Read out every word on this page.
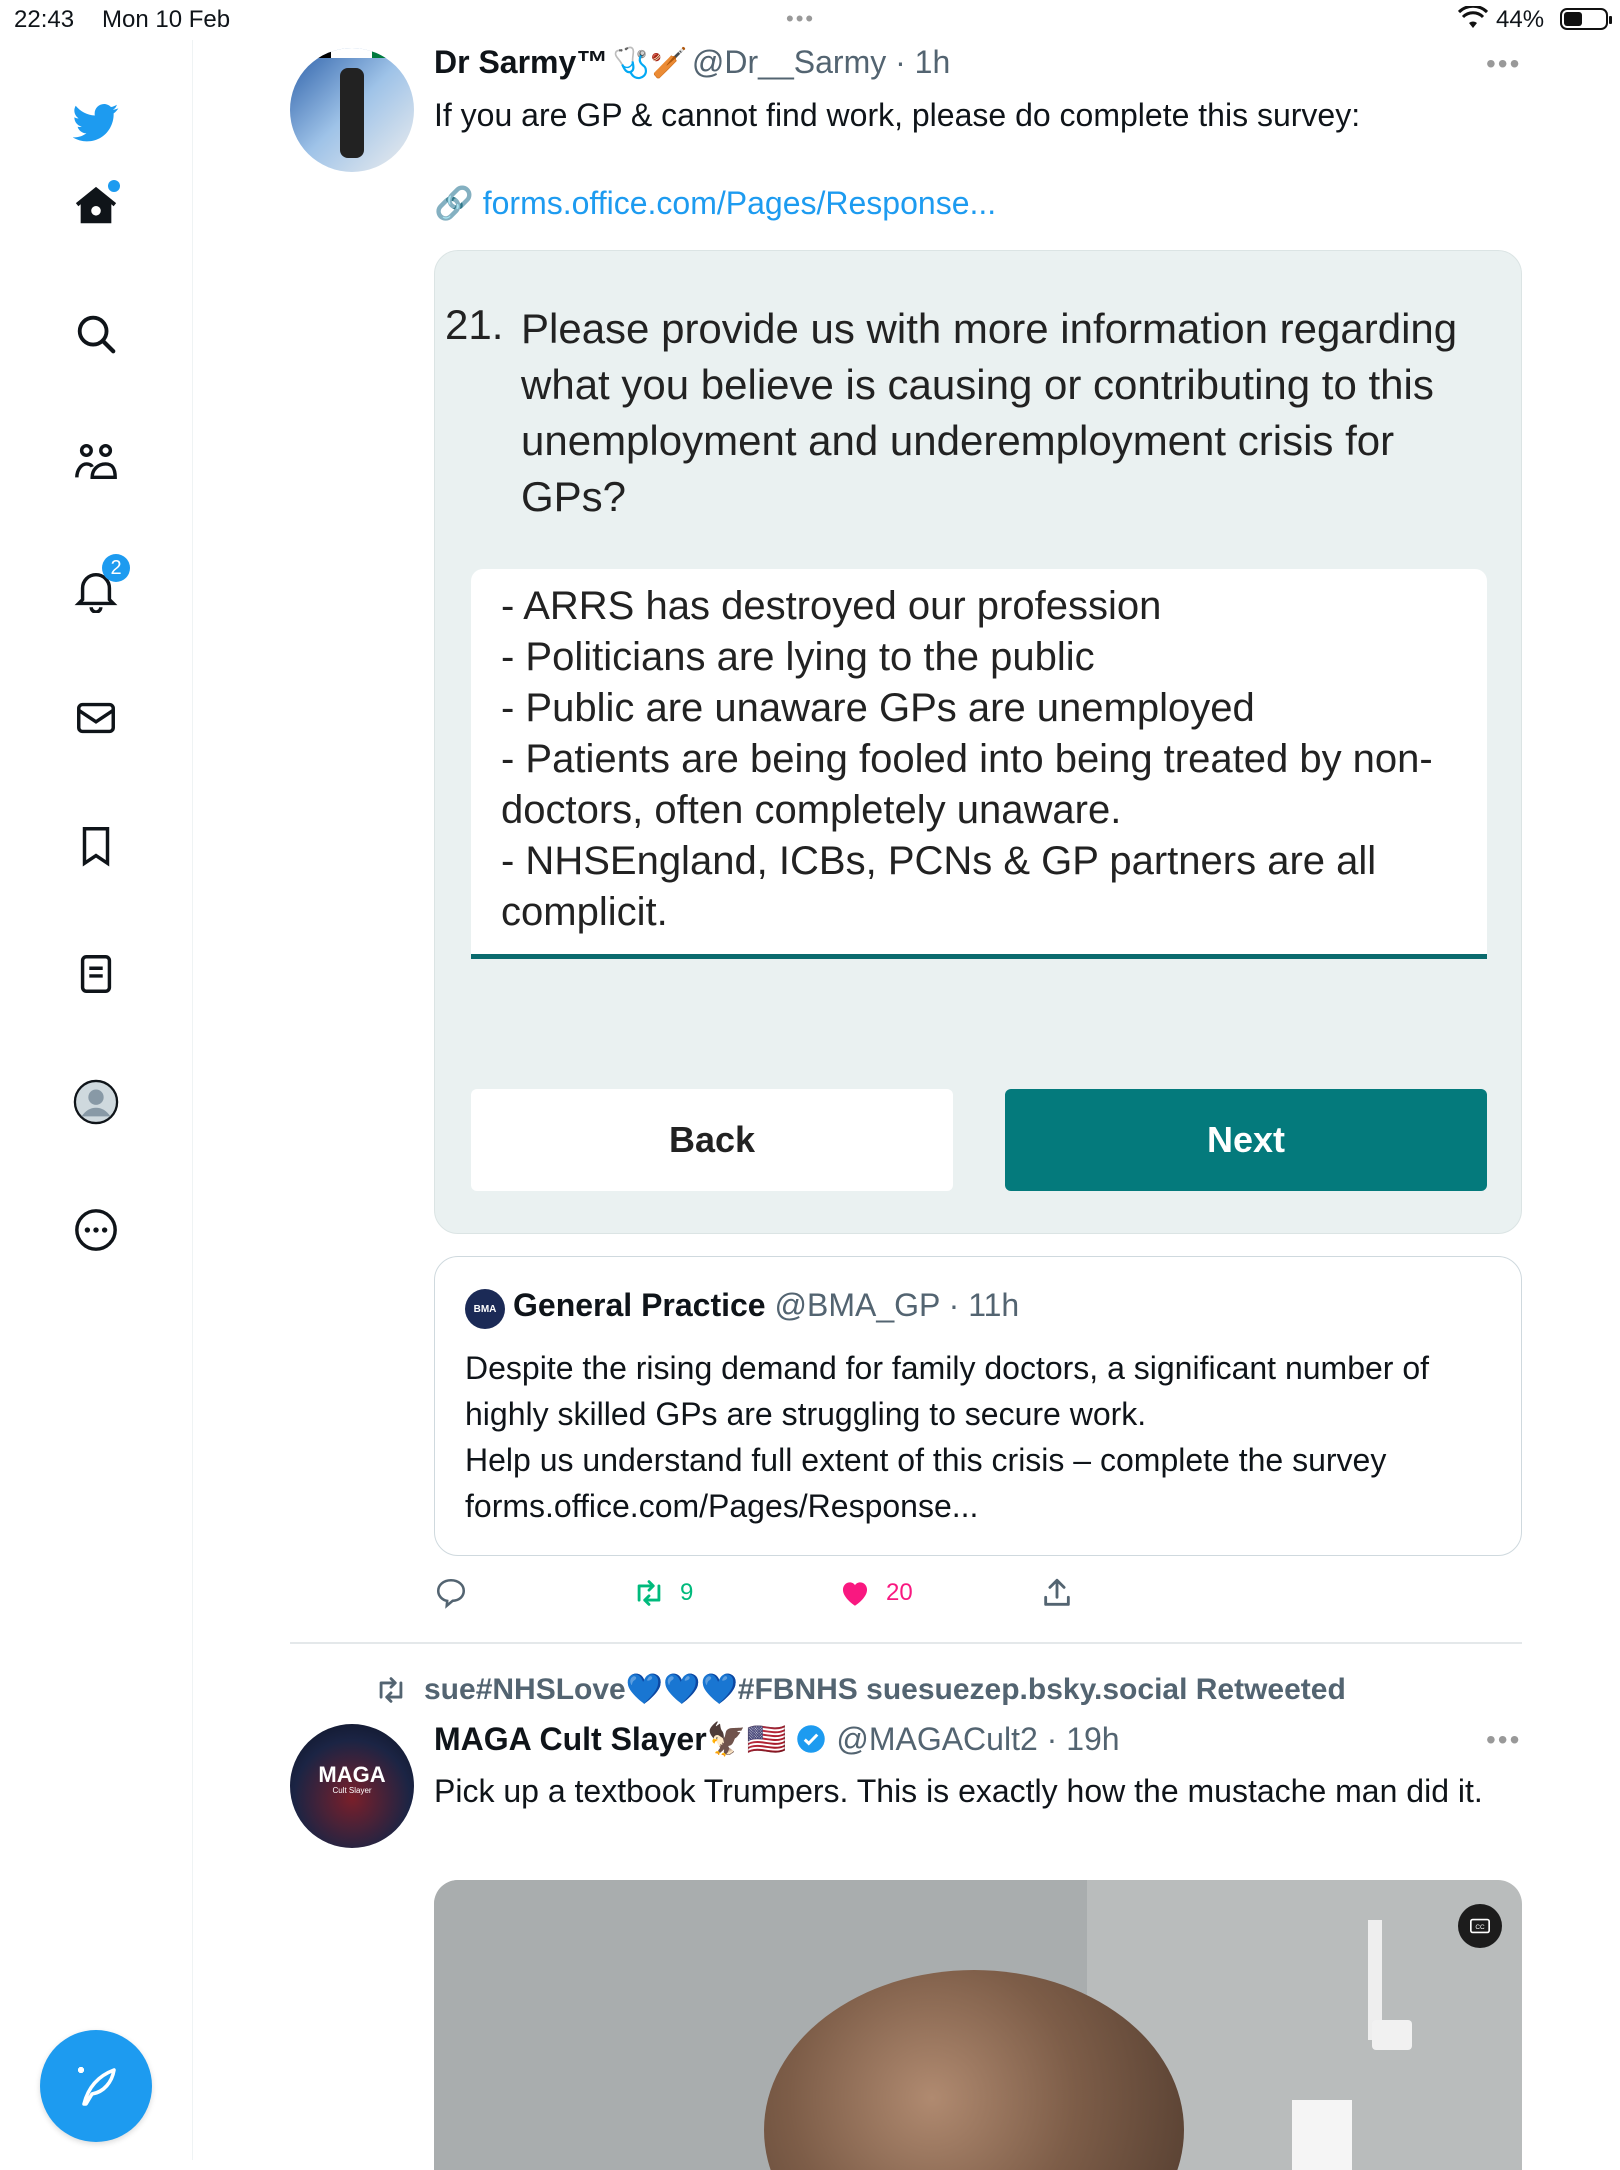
22:43 Mon 10 Feb	•••	44%
2
Dr Sarmy™ 🩺🏏 @Dr__Sarmy · 1h	•••
If you are GP & cannot find work, please do complete this survey:
🔗 forms.office.com/Pages/Response...
21. Please provide us with more information regarding what you believe is causing or contributing to this unemployment and underemployment crisis for GPs?
- ARRS has destroyed our profession
- Politicians are lying to the public
- Public are unaware GPs are unemployed
- Patients are being fooled into being treated by non-doctors, often completely unaware.
- NHSEngland, ICBs, PCNs & GP partners are all complicit.
Back	Next
BMA General Practice @BMA_GP · 11h
Despite the rising demand for family doctors, a significant number of highly skilled GPs are struggling to secure work.
Help us understand full extent of this crisis – complete the survey forms.office.com/Pages/Response...
9	20
sue#NHSLove💙💙💙#FBNHS suesuezep.bsky.social Retweeted
MAGA
Cult Slayer
MAGA Cult Slayer🦅🇺🇸 @MAGACult2 · 19h	•••
Pick up a textbook Trumpers. This is exactly how the mustache man did it.
CC
